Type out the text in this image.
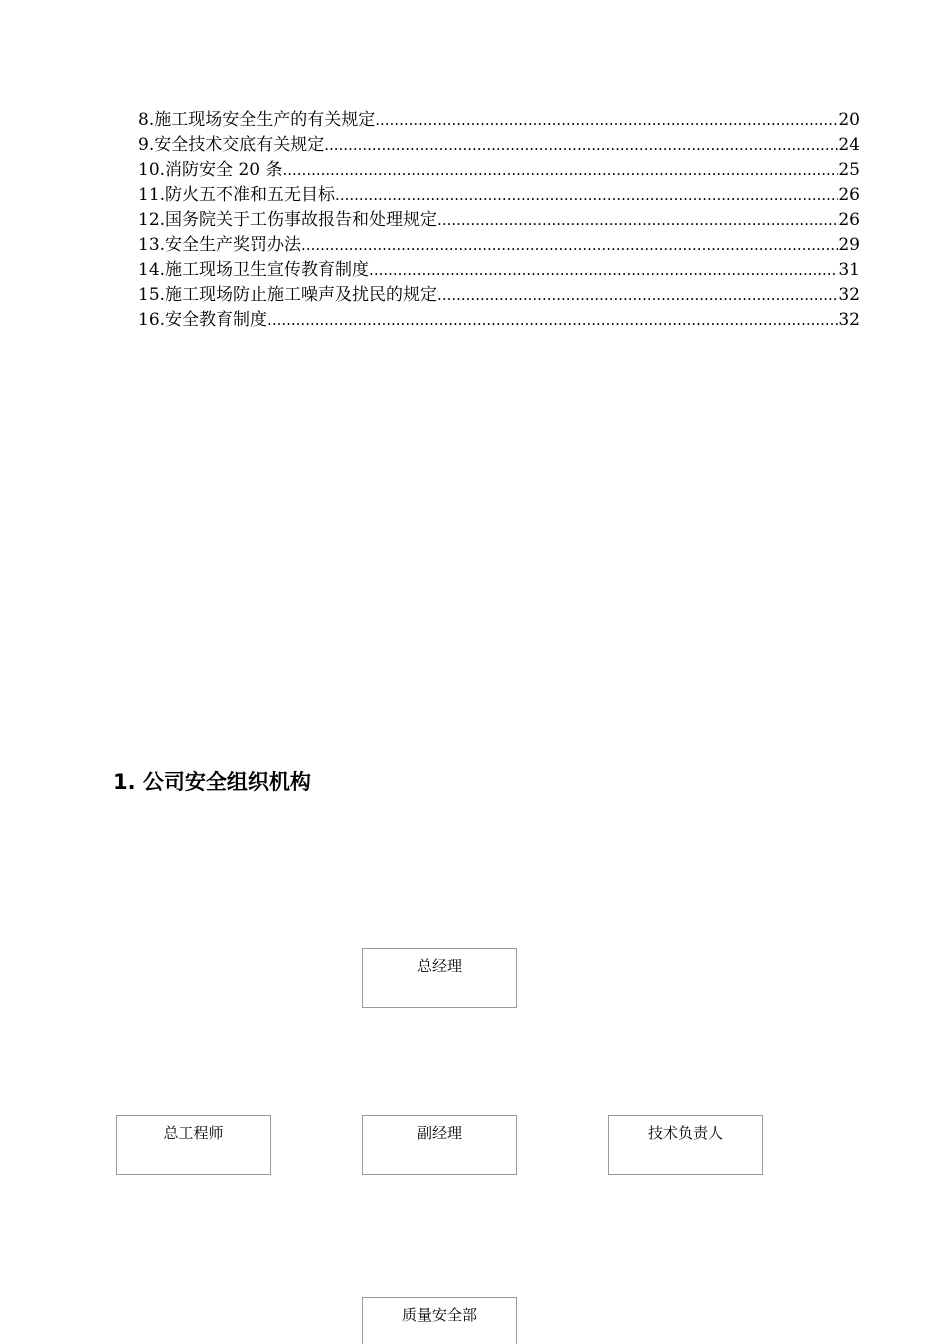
8.施工现场安全生产的有关规定 .....	20
9.安全技术交底有关规定 .....	24
10.消防安全 20 条 .....	25
11.防火五不准和五无目标 .....	26
12.国务院关于工伤事故报告和处理规定 .....	26
13.安全生产奖罚办法 .....	29
14.施工现场卫生宣传教育制度 .....	31
15.施工现场防止施工噪声及扰民的规定 .....	32
16.安全教育制度 .....	32
1. 公司安全组织机构
总经理
总工程师	副经理	技术负责人
质量安全部
